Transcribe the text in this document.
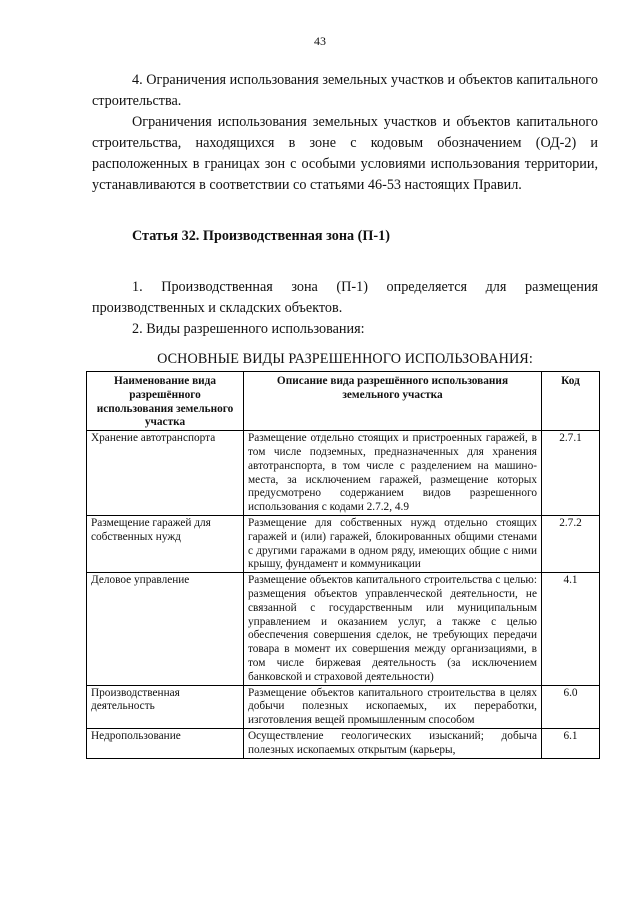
43

4. Ограничения использования земельных участков и объектов капитального строительства.

Ограничения использования земельных участков и объектов капитального строительства, находящихся в зоне с кодовым обозначением (ОД-2) и расположенных в границах зон с особыми условиями использования территории, устанавливаются в соответствии со статьями 46-53 настоящих Правил.

Статья 32. Производственная зона (П-1)

1. Производственная зона (П-1) определяется для размещения производственных и складских объектов.

2. Виды разрешенного использования:

ОСНОВНЫЕ ВИДЫ РАЗРЕШЕННОГО ИСПОЛЬЗОВАНИЯ:
Наименование вида разрешённого использования земельного участка	Описание вида разрешённого использования земельного участка	Код
Хранение автотранспорта	Размещение отдельно стоящих и пристроенных гаражей, в том числе подземных, предназначенных для хранения автотранспорта, в том числе с разделением на машино-места, за исключением гаражей, размещение которых предусмотрено содержанием видов разрешенного использования с кодами 2.7.2, 4.9	2.7.1
Размещение гаражей для собственных нужд	Размещение для собственных нужд отдельно стоящих гаражей и (или) гаражей, блокированных общими стенами с другими гаражами в одном ряду, имеющих общие с ними крышу, фундамент и коммуникации	2.7.2
Деловое управление	Размещение объектов капитального строительства с целью: размещения объектов управленческой деятельности, не связанной с государственным или муниципальным управлением и оказанием услуг, а также с целью обеспечения совершения сделок, не требующих передачи товара в момент их совершения между организациями, в том числе биржевая деятельность (за исключением банковской и страховой деятельности)	4.1
Производственная деятельность	Размещение объектов капитального строительства в целях добычи полезных ископаемых, их переработки, изготовления вещей промышленным способом	6.0
Недропользование	Осуществление геологических изысканий; добыча полезных ископаемых открытым (карьеры,	6.1
